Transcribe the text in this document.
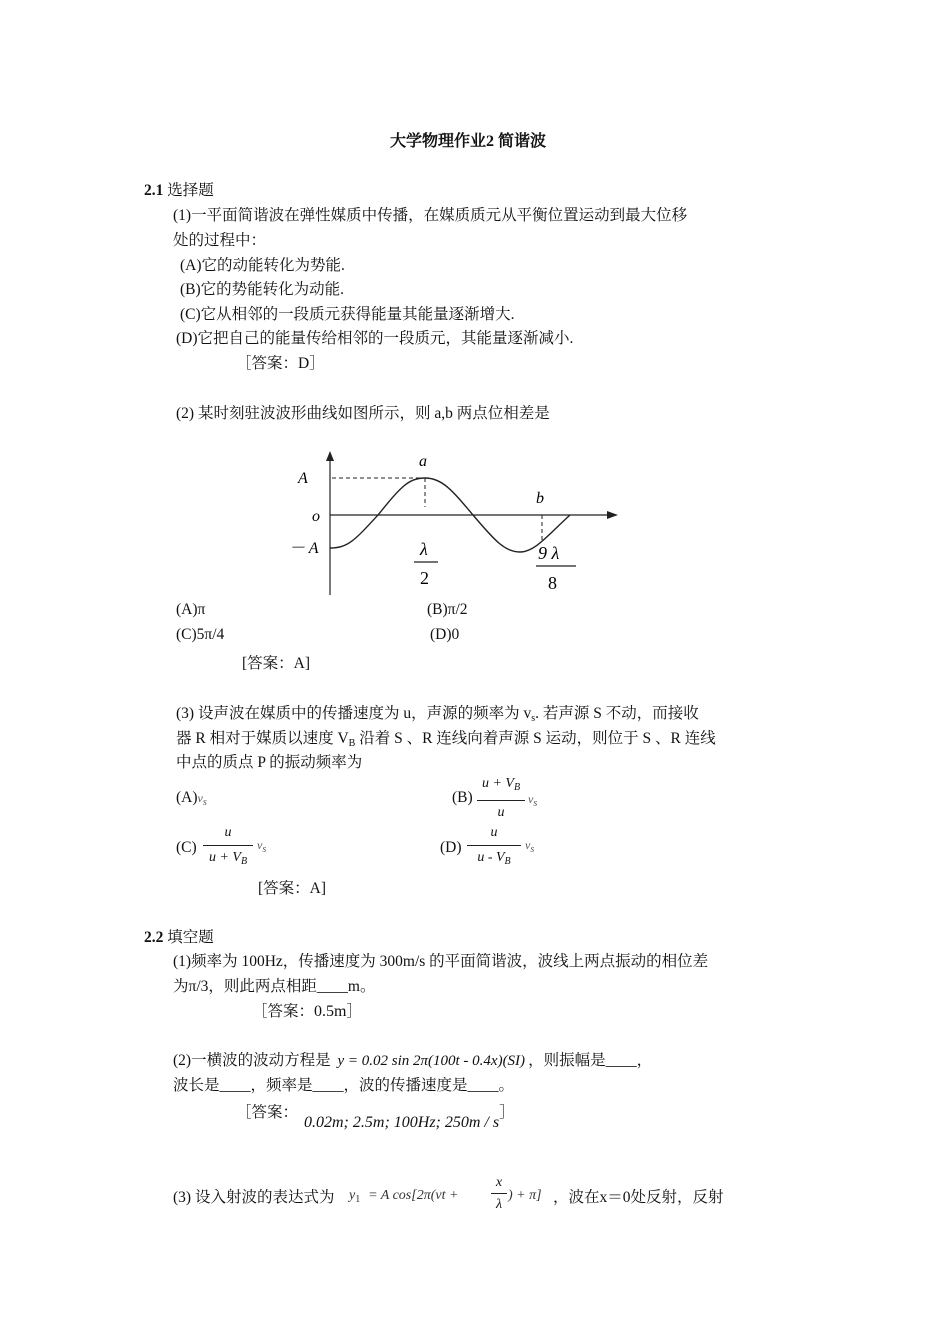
大学物理作业2 简谐波
2.1 选择题
(1)一平面简谐波在弹性媒质中传播，在媒质质元从平衡位置运动到最大位移
处的过程中：
(A)它的动能转化为势能.
(B)它的势能转化为动能.
(C)它从相邻的一段质元获得能量其能量逐渐增大.
(D)它把自己的能量传给相邻的一段质元，其能量逐渐减小.
［答案：D］
(2) 某时刻驻波波形曲线如图所示，则 a,b 两点位相差是
A
o
－ A
a
b
λ
2
9 λ
8
(A)π	(B)π/2
(C)5π/4	(D)0
[答案：A]
(3) 设声波在媒质中的传播速度为 u，声源的频率为 $v_s$. 若声源 S 不动，而接收
器 R 相对于媒质以速度 $V_B$ 沿着 S 、R 连线向着声源 S 运动，则位于 S 、R 连线
中点的质点 P 的振动频率为
$(A)v_s$	(B)
$u + V_B$
u
$v_s$
(C)
u
$u + V_B$
$v_s$	(D)
u
u - $V_B$
$v_s$
[答案：A]
2.2 填空题
(1)频率为 100Hz，传播速度为 300m/s 的平面简谐波，波线上两点振动的相位差
为π/3，则此两点相距____m。
［答案：0.5m］
(2)一横波的波动方程是 y = 0.02 sin 2π(100t - 0.4x)(SI) ，则振幅是____，
波长是____，频率是____，波的传播速度是____。
［答案：
0.02m; 2.5m; 100Hz; 250m / s］
(3) 设入射波的表达式为 $y_1 = A$ cos[2π(νt +
x
λ
) + π] ，波在x＝0处反射，反射
